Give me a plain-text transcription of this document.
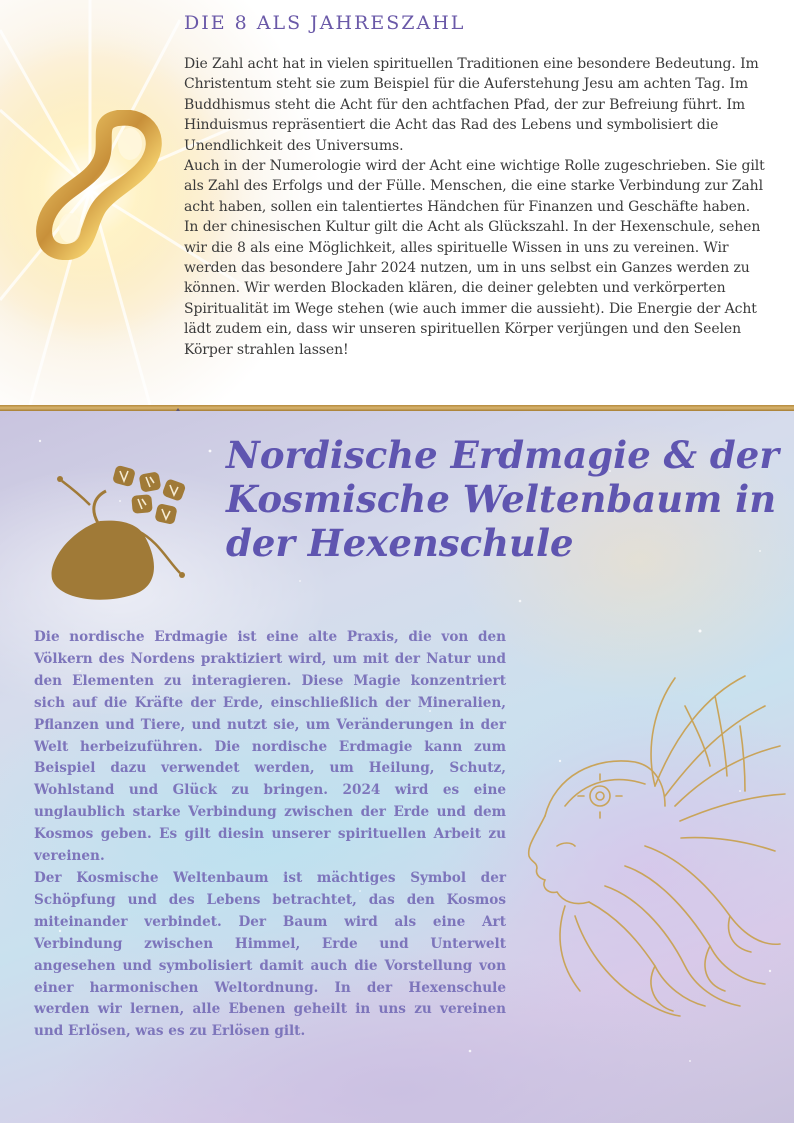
DIE 8 ALS JAHRESZAHL

Die Zahl acht hat in vielen spirituellen Traditionen eine besondere Bedeutung. Im Christentum steht sie zum Beispiel für die Auferstehung Jesu am achten Tag. Im Buddhismus steht die Acht für den achtfachen Pfad, der zur Befreiung führt. Im Hinduismus repräsentiert die Acht das Rad des Lebens und symbolisiert die Unendlichkeit des Universums.

Auch in der Numerologie wird der Acht eine wichtige Rolle zugeschrieben. Sie gilt als Zahl des Erfolgs und der Fülle. Menschen, die eine starke Verbindung zur Zahl acht haben, sollen ein talentiertes Händchen für Finanzen und Geschäfte haben.

In der chinesischen Kultur gilt die Acht als Glückszahl. In der Hexenschule, sehen wir die 8 als eine Möglichkeit, alles spirituelle Wissen in uns zu vereinen. Wir werden das besondere Jahr 2024 nutzen, um in uns selbst ein Ganzes werden zu können. Wir werden Blockaden klären, die deiner gelebten und verkörperten Spiritualität im Wege stehen (wie auch immer die aussieht). Die Energie der Acht lädt zudem ein, dass wir unseren spirituellen Körper verjüngen und den Seelen Körper strahlen lassen!

Nordische Erdmagie & der Kosmische Weltenbaum in der Hexenschule

Die nordische Erdmagie ist eine alte Praxis, die von den Völkern des Nordens praktiziert wird, um mit der Natur und den Elementen zu interagieren. Diese Magie konzentriert sich auf die Kräfte der Erde, einschließlich der Mineralien, Pflanzen und Tiere, und nutzt sie, um Veränderungen in der Welt herbeizuführen. Die nordische Erdmagie kann zum Beispiel dazu verwendet werden, um Heilung, Schutz, Wohlstand und Glück zu bringen. 2024 wird es eine unglaublich starke Verbindung zwischen der Erde und dem Kosmos geben. Es gilt diesin unserer spirituellen Arbeit zu vereinen.

Der Kosmische Weltenbaum ist mächtiges Symbol der Schöpfung und des Lebens betrachtet, das den Kosmos miteinander verbindet. Der Baum wird als eine Art Verbindung zwischen Himmel, Erde und Unterwelt angesehen und symbolisiert damit auch die Vorstellung von einer harmonischen Weltordnung. In der Hexenschule werden wir lernen, alle Ebenen geheilt in uns zu vereinen und Erlösen, was es zu Erlösen gilt.
